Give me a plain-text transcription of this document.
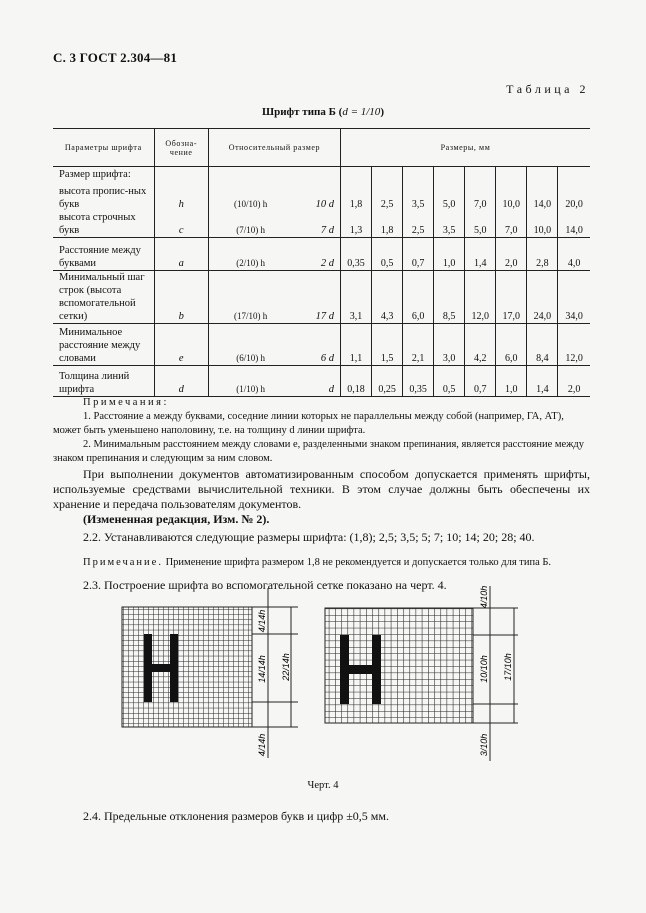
С. 3 ГОСТ 2.304—81
Таблица 2
Шрифт типа Б (d = 1/10)
Параметры шрифта	Обозна-чение	Относительный размер		Размеры, мм							
Размер шрифта:											
высота пропис-ных букв	h	(10/10) h	10 d	1,8	2,5	3,5	5,0	7,0	10,0	14,0	20,0
высота строчных букв	c	(7/10) h	7 d	1,3	1,8	2,5	3,5	5,0	7,0	10,0	14,0
Расстояние между буквами	a	(2/10) h	2 d	0,35	0,5	0,7	1,0	1,4	2,0	2,8	4,0
Минимальный шаг строк (высота вспомогательной сетки)	b	(17/10) h	17 d	3,1	4,3	6,0	8,5	12,0	17,0	24,0	34,0
Минимальное расстояние между словами	e	(6/10) h	6 d	1,1	1,5	2,1	3,0	4,2	6,0	8,4	12,0
Толщина линий шрифта	d	(1/10) h	d	0,18	0,25	0,35	0,5	0,7	1,0	1,4	2,0

Примечания:

1. Расстояние a между буквами, соседние линии которых не параллельны между собой (например, ГА, АТ), может быть уменьшено наполовину, т.е. на толщину d линии шрифта.

2. Минимальным расстоянием между словами e, разделенными знаком препинания, является расстояние между знаком препинания и следующим за ним словом.

При выполнении документов автоматизированным способом допускается применять шрифты, используемые средствами вычислительной техники. В этом случае должны быть обеспечены их хранение и передача пользователям документов.

(Измененная редакция, Изм. № 2).

2.2. Устанавливаются следующие размеры шрифта: (1,8); 2,5; 3,5; 5; 7; 10; 14; 20; 28; 40.

Примечание. Применение шрифта размером 1,8 не рекомендуется и допускается только для типа Б.

2.3. Построение шрифта во вспомогательной сетке показано на черт. 4.

4/14h
14/14h 22/14h
4/14h
4/10h
10/10h 17/10h
3/10h
Черт. 4

2.4. Предельные отклонения размеров букв и цифр ±0,5 мм.
